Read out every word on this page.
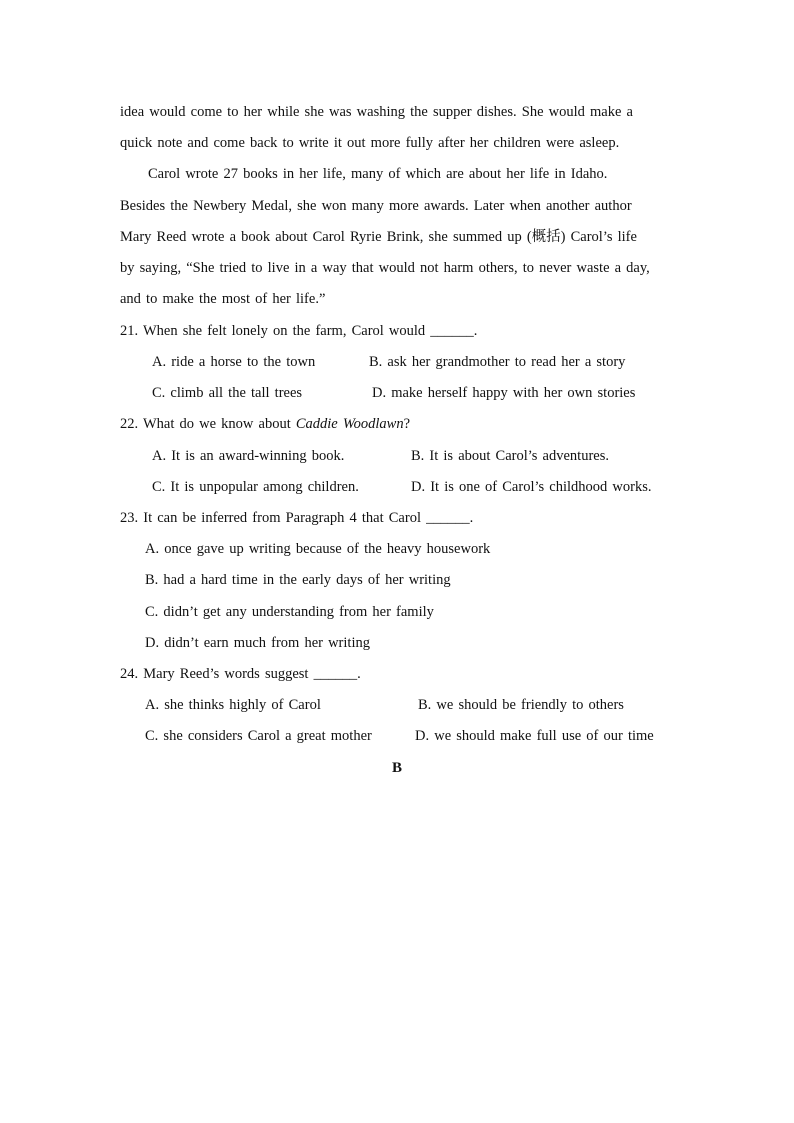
idea would come to her while she was washing the supper dishes. She would make a
quick note and come back to write it out more fully after her children were asleep.
Carol wrote 27 books in her life, many of which are about her life in Idaho.
Besides the Newbery Medal, she won many more awards. Later when another author
Mary Reed wrote a book about Carol Ryrie Brink, she summed up (概括) Carol’s life
by saying, “She tried to live in a way that would not harm others, to never waste a day,
and to make the most of her life.”
21. When she felt lonely on the farm, Carol would ______.
A. ride a horse to the town	B. ask her grandmother to read her a story
C. climb all the tall trees	D. make herself happy with her own stories
22. What do we know about Caddie Woodlawn?
A. It is an award-winning book.	B. It is about Carol’s adventures.
C. It is unpopular among children.	D. It is one of Carol’s childhood works.
23. It can be inferred from Paragraph 4 that Carol ______.
A. once gave up writing because of the heavy housework
B. had a hard time in the early days of her writing
C. didn’t get any understanding from her family
D. didn’t earn much from her writing
24. Mary Reed’s words suggest ______.
A. she thinks highly of Carol	B. we should be friendly to others
C. she considers Carol a great mother	D. we should make full use of our time
B
